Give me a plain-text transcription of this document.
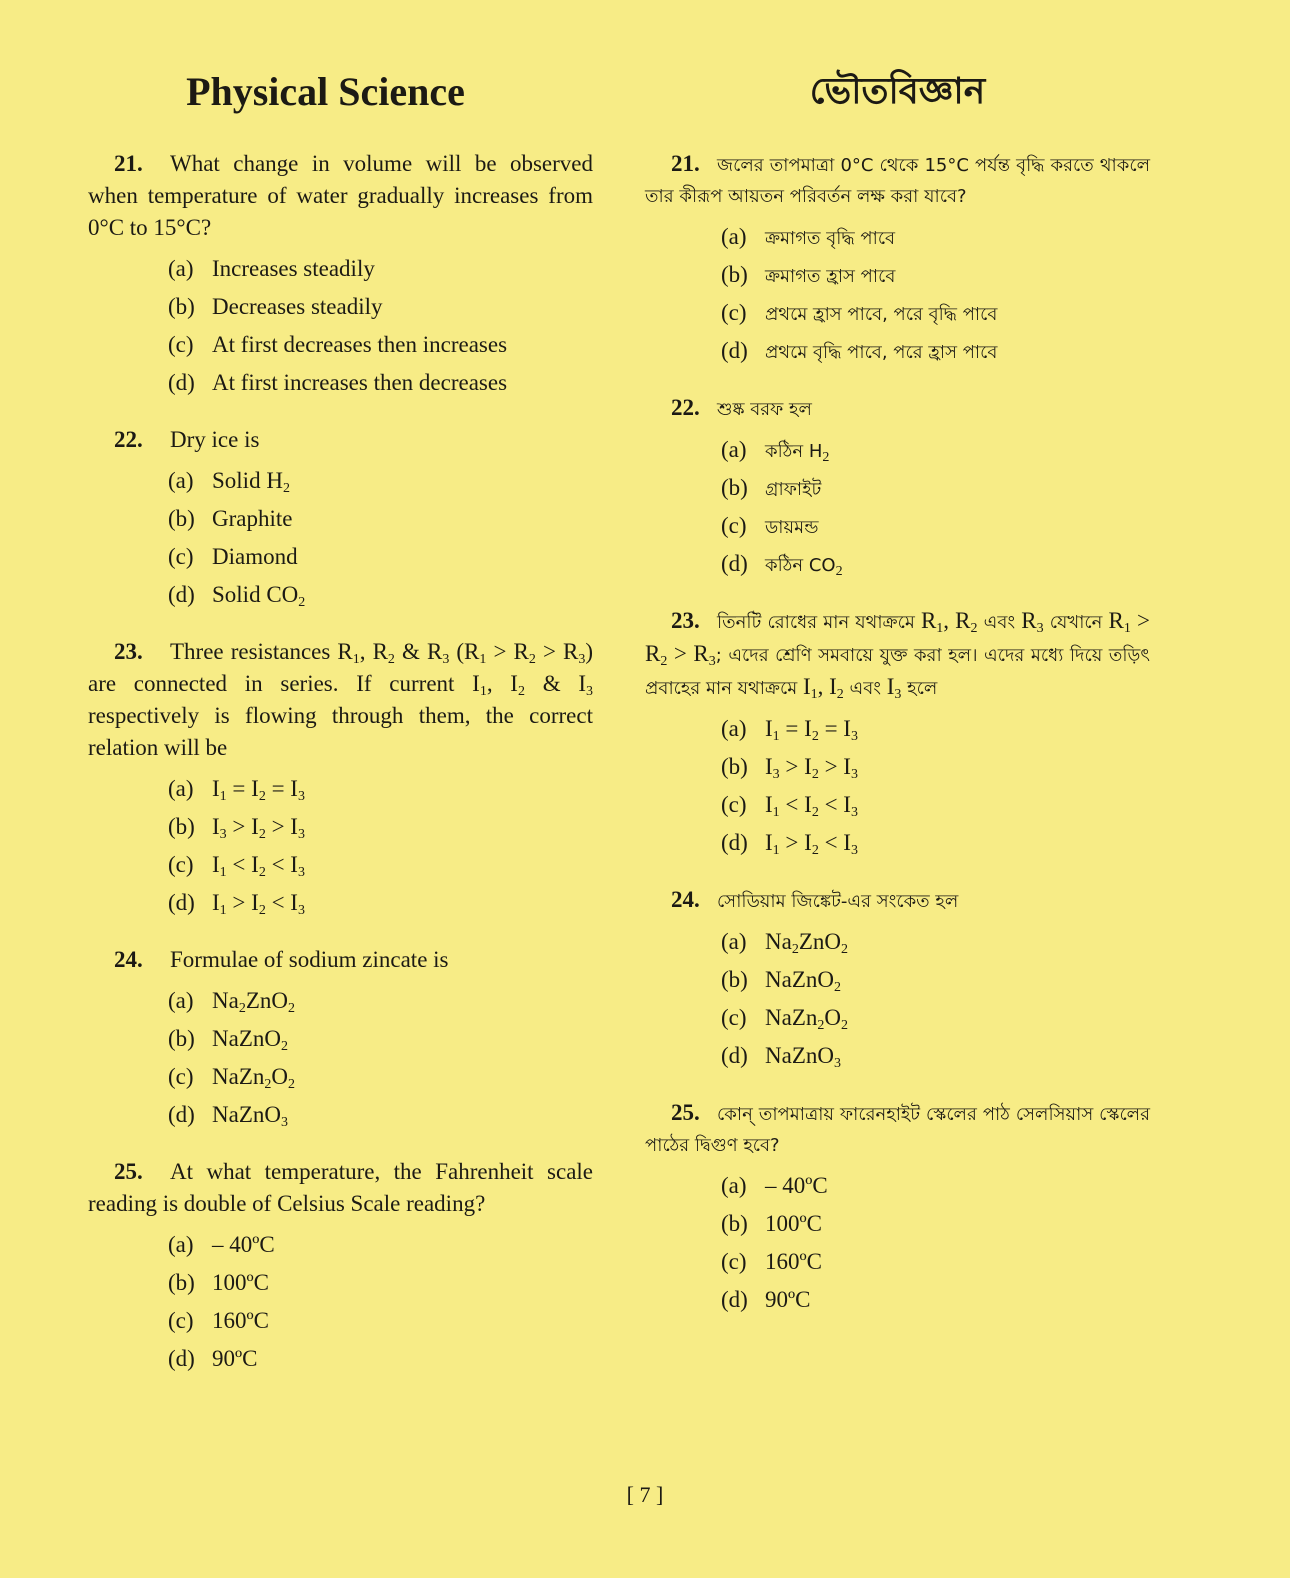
Physical Science
21. What change in volume will be observed when temperature of water gradually increases from 0°C to 15°C?
(a) Increases steadily
(b) Decreases steadily
(c) At first decreases then increases
(d) At first increases then decreases
22. Dry ice is
(a) Solid $H_2$
(b) Graphite
(c) Diamond
(d) Solid $CO_2$
23. Three resistances $R_1$, $R_2$ & $R_3$ $(R_1 > R_2 > R_3)$ are connected in series. If current $I_1$, $I_2$ & $I_3$ respectively is flowing through them, the correct relation will be
(a) $I_1 = I_2 = I_3$
(b) $I_3 > I_2 > I_3$
(c) $I_1 < I_2 < I_3$
(d) $I_1 > I_2 < I_3$
24. Formulae of sodium zincate is
(a) $Na_2ZnO_2$
(b) NaZnO$_2$
(c) $NaZn_2O_2$
(d) NaZnO$_3$
25. At what temperature, the Fahrenheit scale reading is double of Celsius Scale reading?
(a) – 40ºC
(b) 100ºC
(c) 160ºC
(d) 90ºC
ভৌতবিজ্ঞান
21. জলের তাপমাত্রা 0°C থেকে 15°C পর্যন্ত বৃদ্ধি করতে থাকলে তার কীরূপ আয়তন পরিবর্তন লক্ষ করা যাবে?
(a) ক্রমাগত বৃদ্ধি পাবে
(b) ক্রমাগত হ্রাস পাবে
(c) প্রথমে হ্রাস পাবে, পরে বৃদ্ধি পাবে
(d) প্রথমে বৃদ্ধি পাবে, পরে হ্রাস পাবে
22. শুষ্ক বরফ হল
(a) কঠিন $H_2$
(b) গ্রাফাইট
(c) ডায়মন্ড
(d) কঠিন $CO_2$
23. তিনটি রোধের মান যথাক্রমে $R_1$, $R_2$ এবং $R_3$ যেখানে $R_1 > R_2 > R_3$; এদের শ্রেণি সমবায়ে যুক্ত করা হল। এদের মধ্যে দিয়ে তড়িৎ প্রবাহের মান যথাক্রমে $I_1$, $I_2$ এবং $I_3$ হলে
(a) $I_1 = I_2 = I_3$
(b) $I_3 > I_2 > I_3$
(c) $I_1 < I_2 < I_3$
(d) $I_1 > I_2 < I_3$
24. সোডিয়াম জিঙ্কেট-এর সংকেত হল
(a) $Na_2ZnO_2$
(b) NaZnO$_2$
(c) $NaZn_2O_2$
(d) NaZnO$_3$
25. কোন্ তাপমাত্রায় ফারেনহাইট স্কেলের পাঠ সেলসিয়াস স্কেলের পাঠের দ্বিগুণ হবে?
(a) – 40ºC
(b) 100ºC
(c) 160ºC
(d) 90ºC
[ 7 ]
